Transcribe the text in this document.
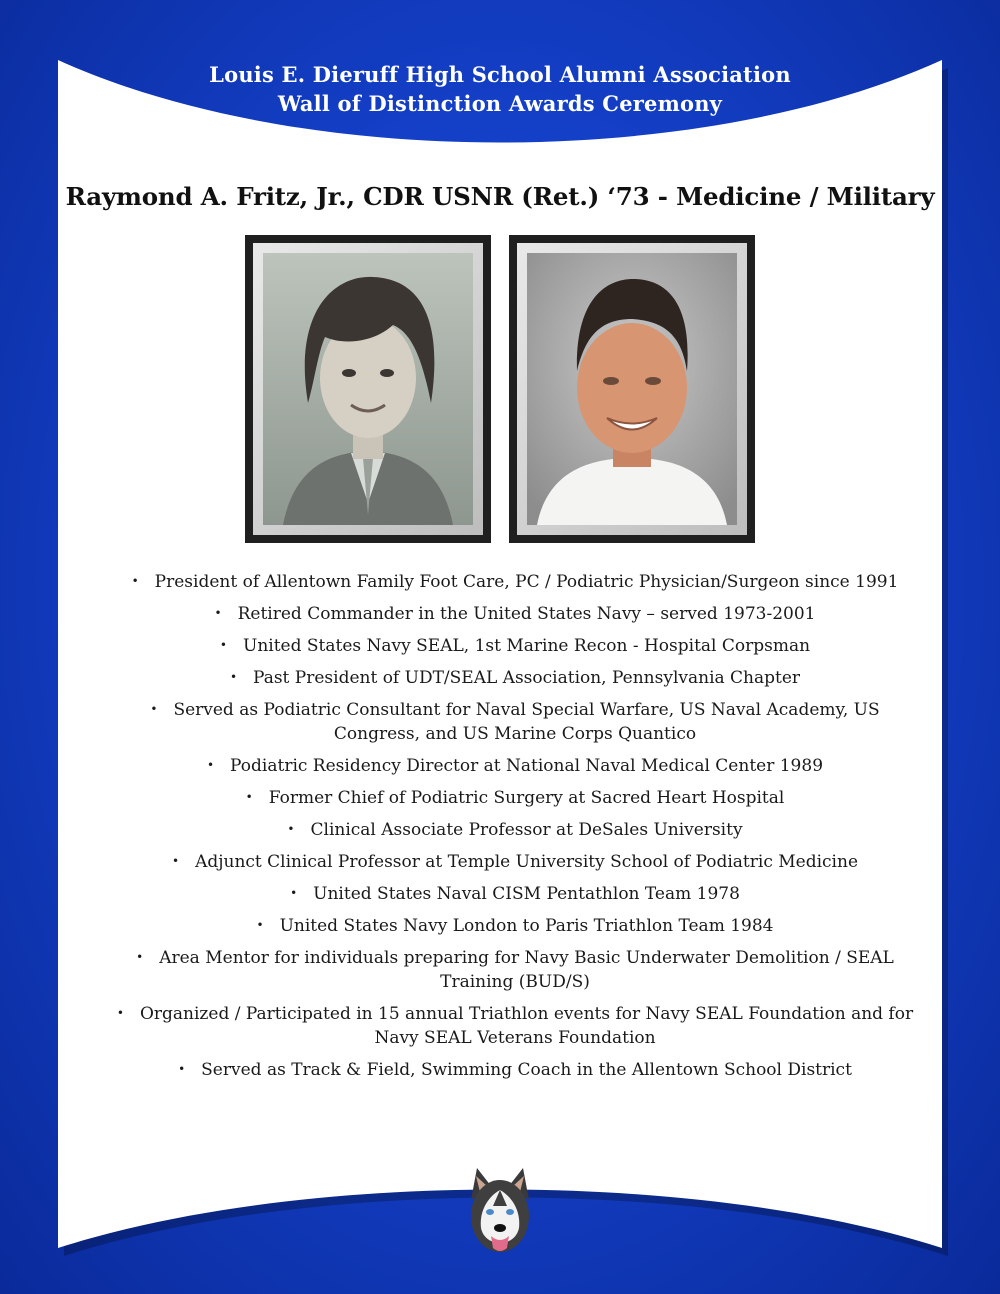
Louis E. Dieruff High School Alumni Association
Wall of Distinction Awards Ceremony
Raymond A. Fritz, Jr., CDR USNR (Ret.) ‘73 - Medicine / Military
• President of Allentown Family Foot Care, PC / Podiatric Physician/Surgeon since 1991
• Retired Commander in the United States Navy – served 1973-2001
• United States Navy SEAL, 1st Marine Recon - Hospital Corpsman
• Past President of UDT/SEAL Association, Pennsylvania Chapter
• Served as Podiatric Consultant for Naval Special Warfare, US Naval Academy, US Congress, and US Marine Corps Quantico
• Podiatric Residency Director at National Naval Medical Center 1989
• Former Chief of Podiatric Surgery at Sacred Heart Hospital
• Clinical Associate Professor at DeSales University
• Adjunct Clinical Professor at Temple University School of Podiatric Medicine
• United States Naval CISM Pentathlon Team 1978
• United States Navy London to Paris Triathlon Team 1984
• Area Mentor for individuals preparing for Navy Basic Underwater Demolition / SEAL Training (BUD/S)
• Organized / Participated in 15 annual Triathlon events for Navy SEAL Foundation and for Navy SEAL Veterans Foundation
• Served as Track & Field, Swimming Coach in the Allentown School District
